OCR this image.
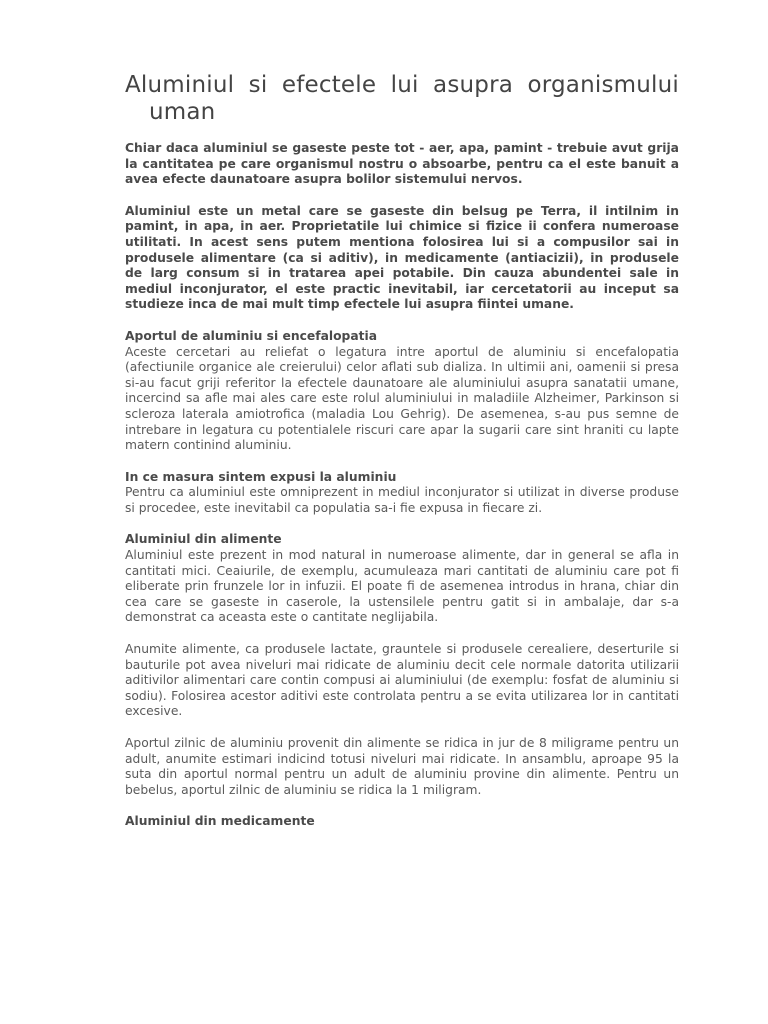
Aluminiul si efectele lui asupra organismului
uman

Chiar daca aluminiul se gaseste peste tot - aer, apa, pamint - trebuie avut grija la cantitatea pe care organismul nostru o absoarbe, pentru ca el este banuit a avea efecte daunatoare asupra bolilor sistemului nervos.

Aluminiul este un metal care se gaseste din belsug pe Terra, il intilnim in pamint, in apa, in aer. Proprietatile lui chimice si fizice ii confera numeroase utilitati. In acest sens putem mentiona folosirea lui si a compusilor sai in produsele alimentare (ca si aditiv), in medicamente (antiacizii), in produsele de larg consum si in tratarea apei potabile. Din cauza abundentei sale in mediul inconjurator, el este practic inevitabil, iar cercetatorii au inceput sa studieze inca de mai mult timp efectele lui asupra fiintei umane.

Aportul de aluminiu si encefalopatia

Aceste cercetari au reliefat o legatura intre aportul de aluminiu si encefalopatia (afectiunile organice ale creierului) celor aflati sub dializa. In ultimii ani, oamenii si presa si-au facut griji referitor la efectele daunatoare ale aluminiului asupra sanatatii umane, incercind sa afle mai ales care este rolul aluminiului in maladiile Alzheimer, Parkinson si scleroza laterala amiotrofica (maladia Lou Gehrig). De asemenea, s-au pus semne de intrebare in legatura cu potentialele riscuri care apar la sugarii care sint hraniti cu lapte matern continind aluminiu.

In ce masura sintem expusi la aluminiu

Pentru ca aluminiul este omniprezent in mediul inconjurator si utilizat in diverse produse si procedee, este inevitabil ca populatia sa-i fie expusa in fiecare zi.

Aluminiul din alimente

Aluminiul este prezent in mod natural in numeroase alimente, dar in general se afla in cantitati mici. Ceaiurile, de exemplu, acumuleaza mari cantitati de aluminiu care pot fi eliberate prin frunzele lor in infuzii. El poate fi de asemenea introdus in hrana, chiar din cea care se gaseste in caserole, la ustensilele pentru gatit si in ambalaje, dar s-a demonstrat ca aceasta este o cantitate neglijabila.

Anumite alimente, ca produsele lactate, grauntele si produsele cerealiere, deserturile si bauturile pot avea niveluri mai ridicate de aluminiu decit cele normale datorita utilizarii aditivilor alimentari care contin compusi ai aluminiului (de exemplu: fosfat de aluminiu si sodiu). Folosirea acestor aditivi este controlata pentru a se evita utilizarea lor in cantitati excesive.

Aportul zilnic de aluminiu provenit din alimente se ridica in jur de 8 miligrame pentru un adult, anumite estimari indicind totusi niveluri mai ridicate. In ansamblu, aproape 95 la suta din aportul normal pentru un adult de aluminiu provine din alimente. Pentru un bebelus, aportul zilnic de aluminiu se ridica la 1 miligram.

Aluminiul din medicamente
